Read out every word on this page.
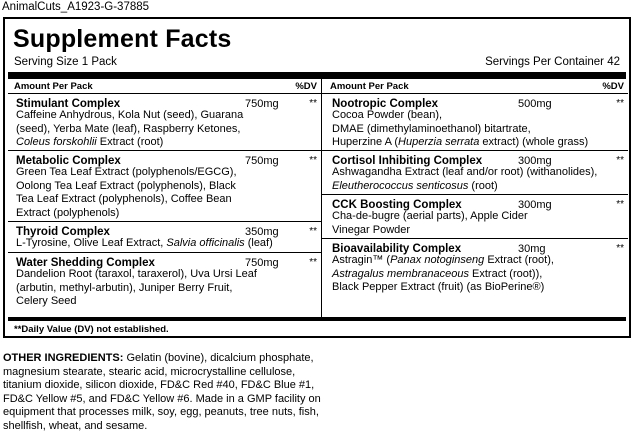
AnimalCuts_A1923-G-37885
Supplement Facts
Serving Size 1 Pack	Servings Per Container 42
Amount Per Pack	%DV
Stimulant Complex	750mg	**
Caffeine Anhydrous, Kola Nut (seed), Guarana
(seed), Yerba Mate (leaf), Raspberry Ketones,
Coleus forskohlii Extract (root)
Metabolic Complex	750mg	**
Green Tea Leaf Extract (polyphenols/EGCG),
Oolong Tea Leaf Extract (polyphenols), Black
Tea Leaf Extract (polyphenols), Coffee Bean
Extract (polyphenols)
Thyroid Complex	350mg	**
L-Tyrosine, Olive Leaf Extract, Salvia officinalis (leaf)
Water Shedding Complex	750mg	**
Dandelion Root (taraxol, taraxerol), Uva Ursi Leaf
(arbutin, methyl-arbutin), Juniper Berry Fruit,
Celery Seed
Amount Per Pack	%DV
Nootropic Complex	500mg	**
Cocoa Powder (bean),
DMAE (dimethylaminoethanol) bitartrate,
Huperzine A (Huperzia serrata extract) (whole grass)
Cortisol Inhibiting Complex	300mg	**
Ashwagandha Extract (leaf and/or root) (withanolides),
Eleutherococcus senticosus (root)
CCK Boosting Complex	300mg	**
Cha-de-bugre (aerial parts), Apple Cider
Vinegar Powder
Bioavailability Complex	30mg	**
Astragin™ (Panax notoginseng Extract (root),
Astragalus membranaceous Extract (root)),
Black Pepper Extract (fruit) (as BioPerine®)
**Daily Value (DV) not established.
OTHER INGREDIENTS: Gelatin (bovine), dicalcium phosphate, magnesium stearate, stearic acid, microcrystalline cellulose, titanium dioxide, silicon dioxide, FD&C Red #40, FD&C Blue #1, FD&C Yellow #5, and FD&C Yellow #6. Made in a GMP facility on equipment that processes milk, soy, egg, peanuts, tree nuts, fish, shellfish, wheat, and sesame.
